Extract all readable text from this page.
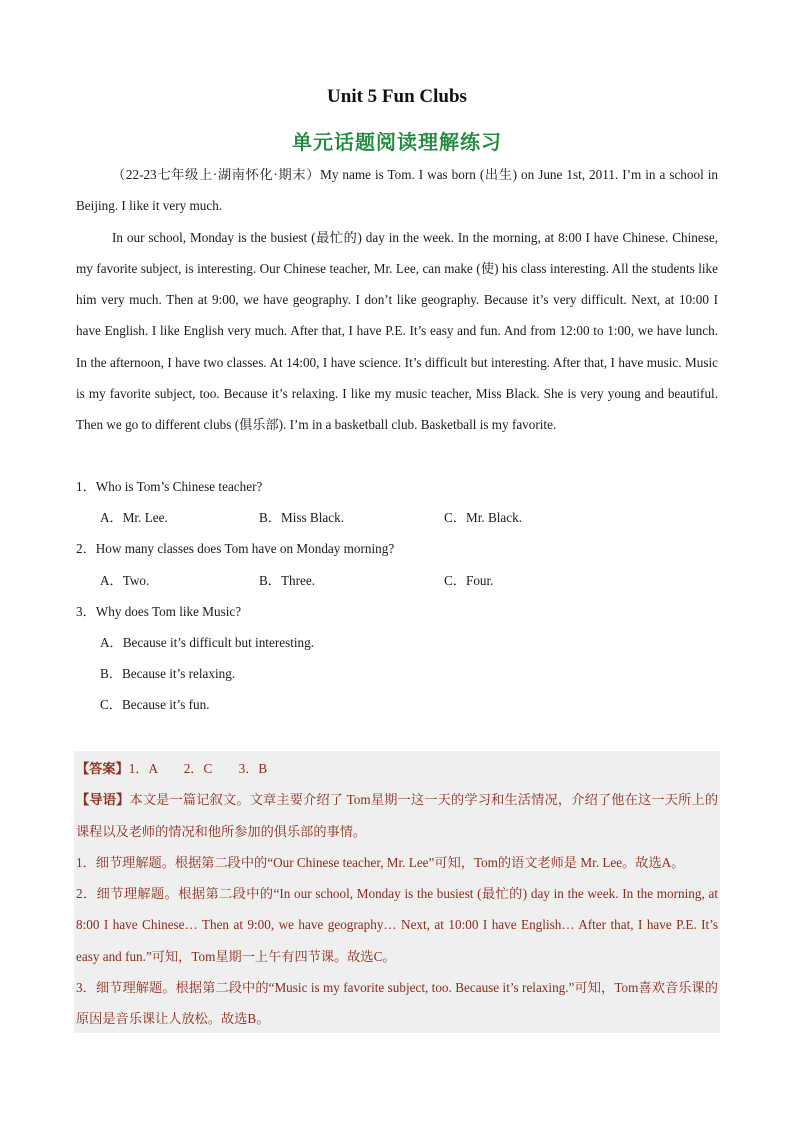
Unit 5 Fun Clubs
单元话题阅读理解练习

（22-23七年级上·湖南怀化·期末）My name is Tom. I was born (出生) on June 1st, 2011. I’m in a school in Beijing. I like it very much.

In our school, Monday is the busiest (最忙的) day in the week. In the morning, at 8:00 I have Chinese. Chinese, my favorite subject, is interesting. Our Chinese teacher, Mr. Lee, can make (使) his class interesting. All the students like him very much. Then at 9:00, we have geography. I don’t like geography. Because it’s very difficult. Next, at 10:00 I have English. I like English very much. After that, I have P.E. It’s easy and fun. And from 12:00 to 1:00, we have lunch. In the afternoon, I have two classes. At 14:00, I have science. It’s difficult but interesting. After that, I have music. Music is my favorite subject, too. Because it’s relaxing. I like my music teacher, Miss Black. She is very young and beautiful. Then we go to different clubs (俱乐部). I’m in a basketball club. Basketball is my favorite.

1．Who is Tom’s Chinese teacher?
A．Mr. Lee.	B．Miss Black.	C．Mr. Black.
2．How many classes does Tom have on Monday morning?
A．Two.	B．Three.	C．Four.
3．Why does Tom like Music?
A．Because it’s difficult but interesting.
B．Because it’s relaxing.
C．Because it’s fun.
【答案】1．A　　2．C　　3．B
【导语】本文是一篇记叙文。文章主要介绍了 Tom星期一这一天的学习和生活情况，介绍了他在这一天所上的课程以及老师的情况和他所参加的俱乐部的事情。
1．细节理解题。根据第二段中的“Our Chinese teacher, Mr. Lee”可知，Tom的语文老师是 Mr. Lee。故选A。
2．细节理解题。根据第二段中的“In our school, Monday is the busiest (最忙的) day in the week. In the morning, at 8:00 I have Chinese… Then at 9:00, we have geography… Next, at 10:00 I have English… After that, I have P.E. It’s easy and fun.”可知，Tom星期一上午有四节课。故选C。
3．细节理解题。根据第二段中的“Music is my favorite subject, too. Because it’s relaxing.”可知，Tom喜欢音乐课的原因是音乐课让人放松。故选B。
